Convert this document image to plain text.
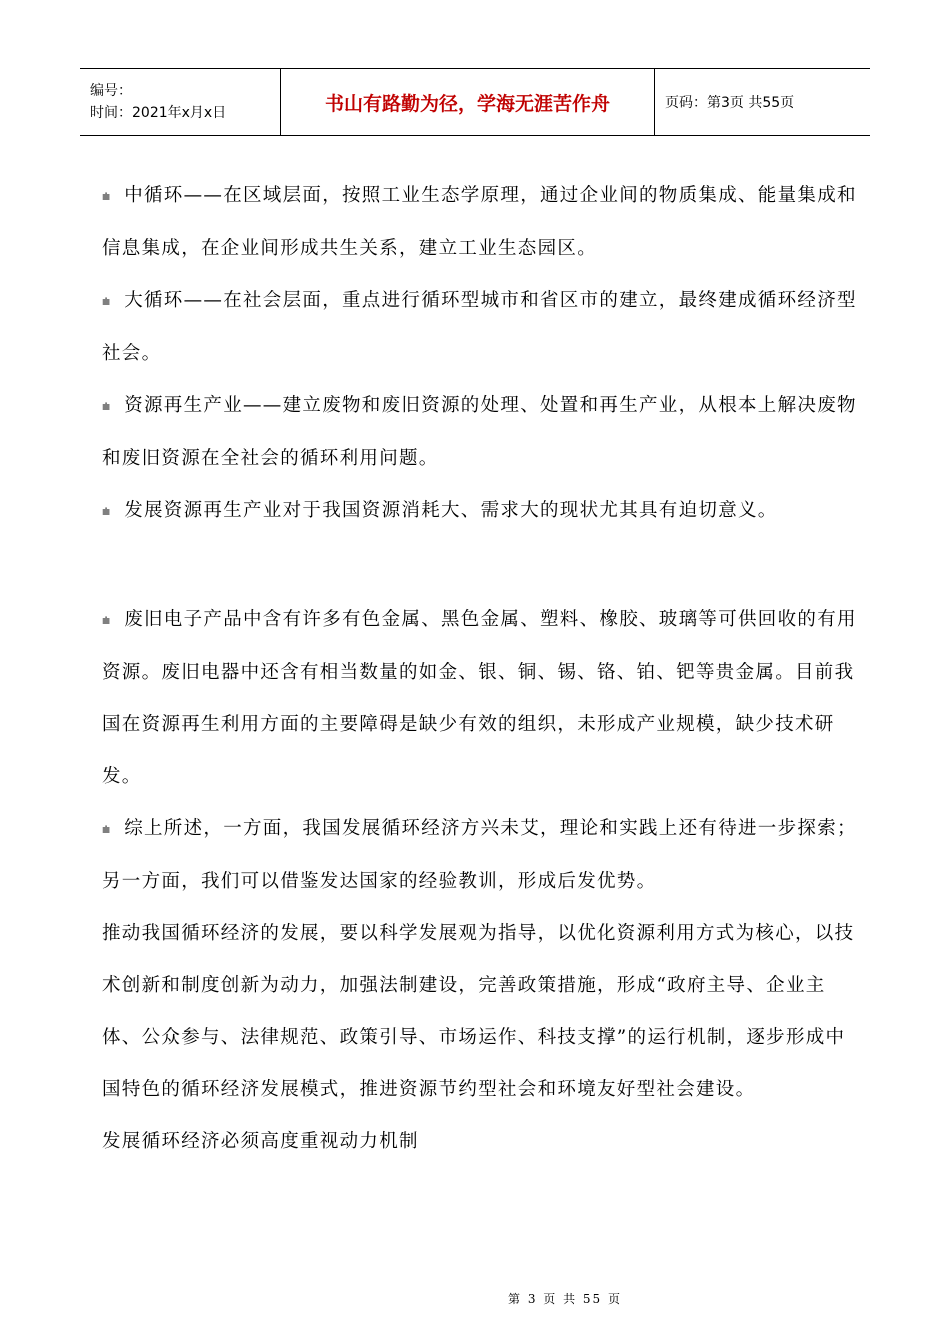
编号：
时间：2021年x月x日	书山有路勤为径，学海无涯苦作舟	页码：第3页 共55页

⩧ 中循环——在区域层面，按照工业生态学原理，通过企业间的物质集成、能量集成和信息集成，在企业间形成共生关系，建立工业生态园区。

⩧ 大循环——在社会层面，重点进行循环型城市和省区市的建立，最终建成循环经济型社会。

⩧ 资源再生产业——建立废物和废旧资源的处理、处置和再生产业，从根本上解决废物和废旧资源在全社会的循环利用问题。

⩧ 发展资源再生产业对于我国资源消耗大、需求大的现状尤其具有迫切意义。

⩧ 废旧电子产品中含有许多有色金属、黑色金属、塑料、橡胶、玻璃等可供回收的有用资源。废旧电器中还含有相当数量的如金、银、铜、锡、铬、铂、钯等贵金属。目前我国在资源再生利用方面的主要障碍是缺少有效的组织，未形成产业规模，缺少技术研发。

⩧ 综上所述，一方面，我国发展循环经济方兴未艾，理论和实践上还有待进一步探索；另一方面，我们可以借鉴发达国家的经验教训，形成后发优势。

推动我国循环经济的发展，要以科学发展观为指导，以优化资源利用方式为核心，以技术创新和制度创新为动力，加强法制建设，完善政策措施，形成“政府主导、企业主体、公众参与、法律规范、政策引导、市场运作、科技支撑”的运行机制，逐步形成中国特色的循环经济发展模式，推进资源节约型社会和环境友好型社会建设。

发展循环经济必须高度重视动力机制

第 3 页 共 55 页
